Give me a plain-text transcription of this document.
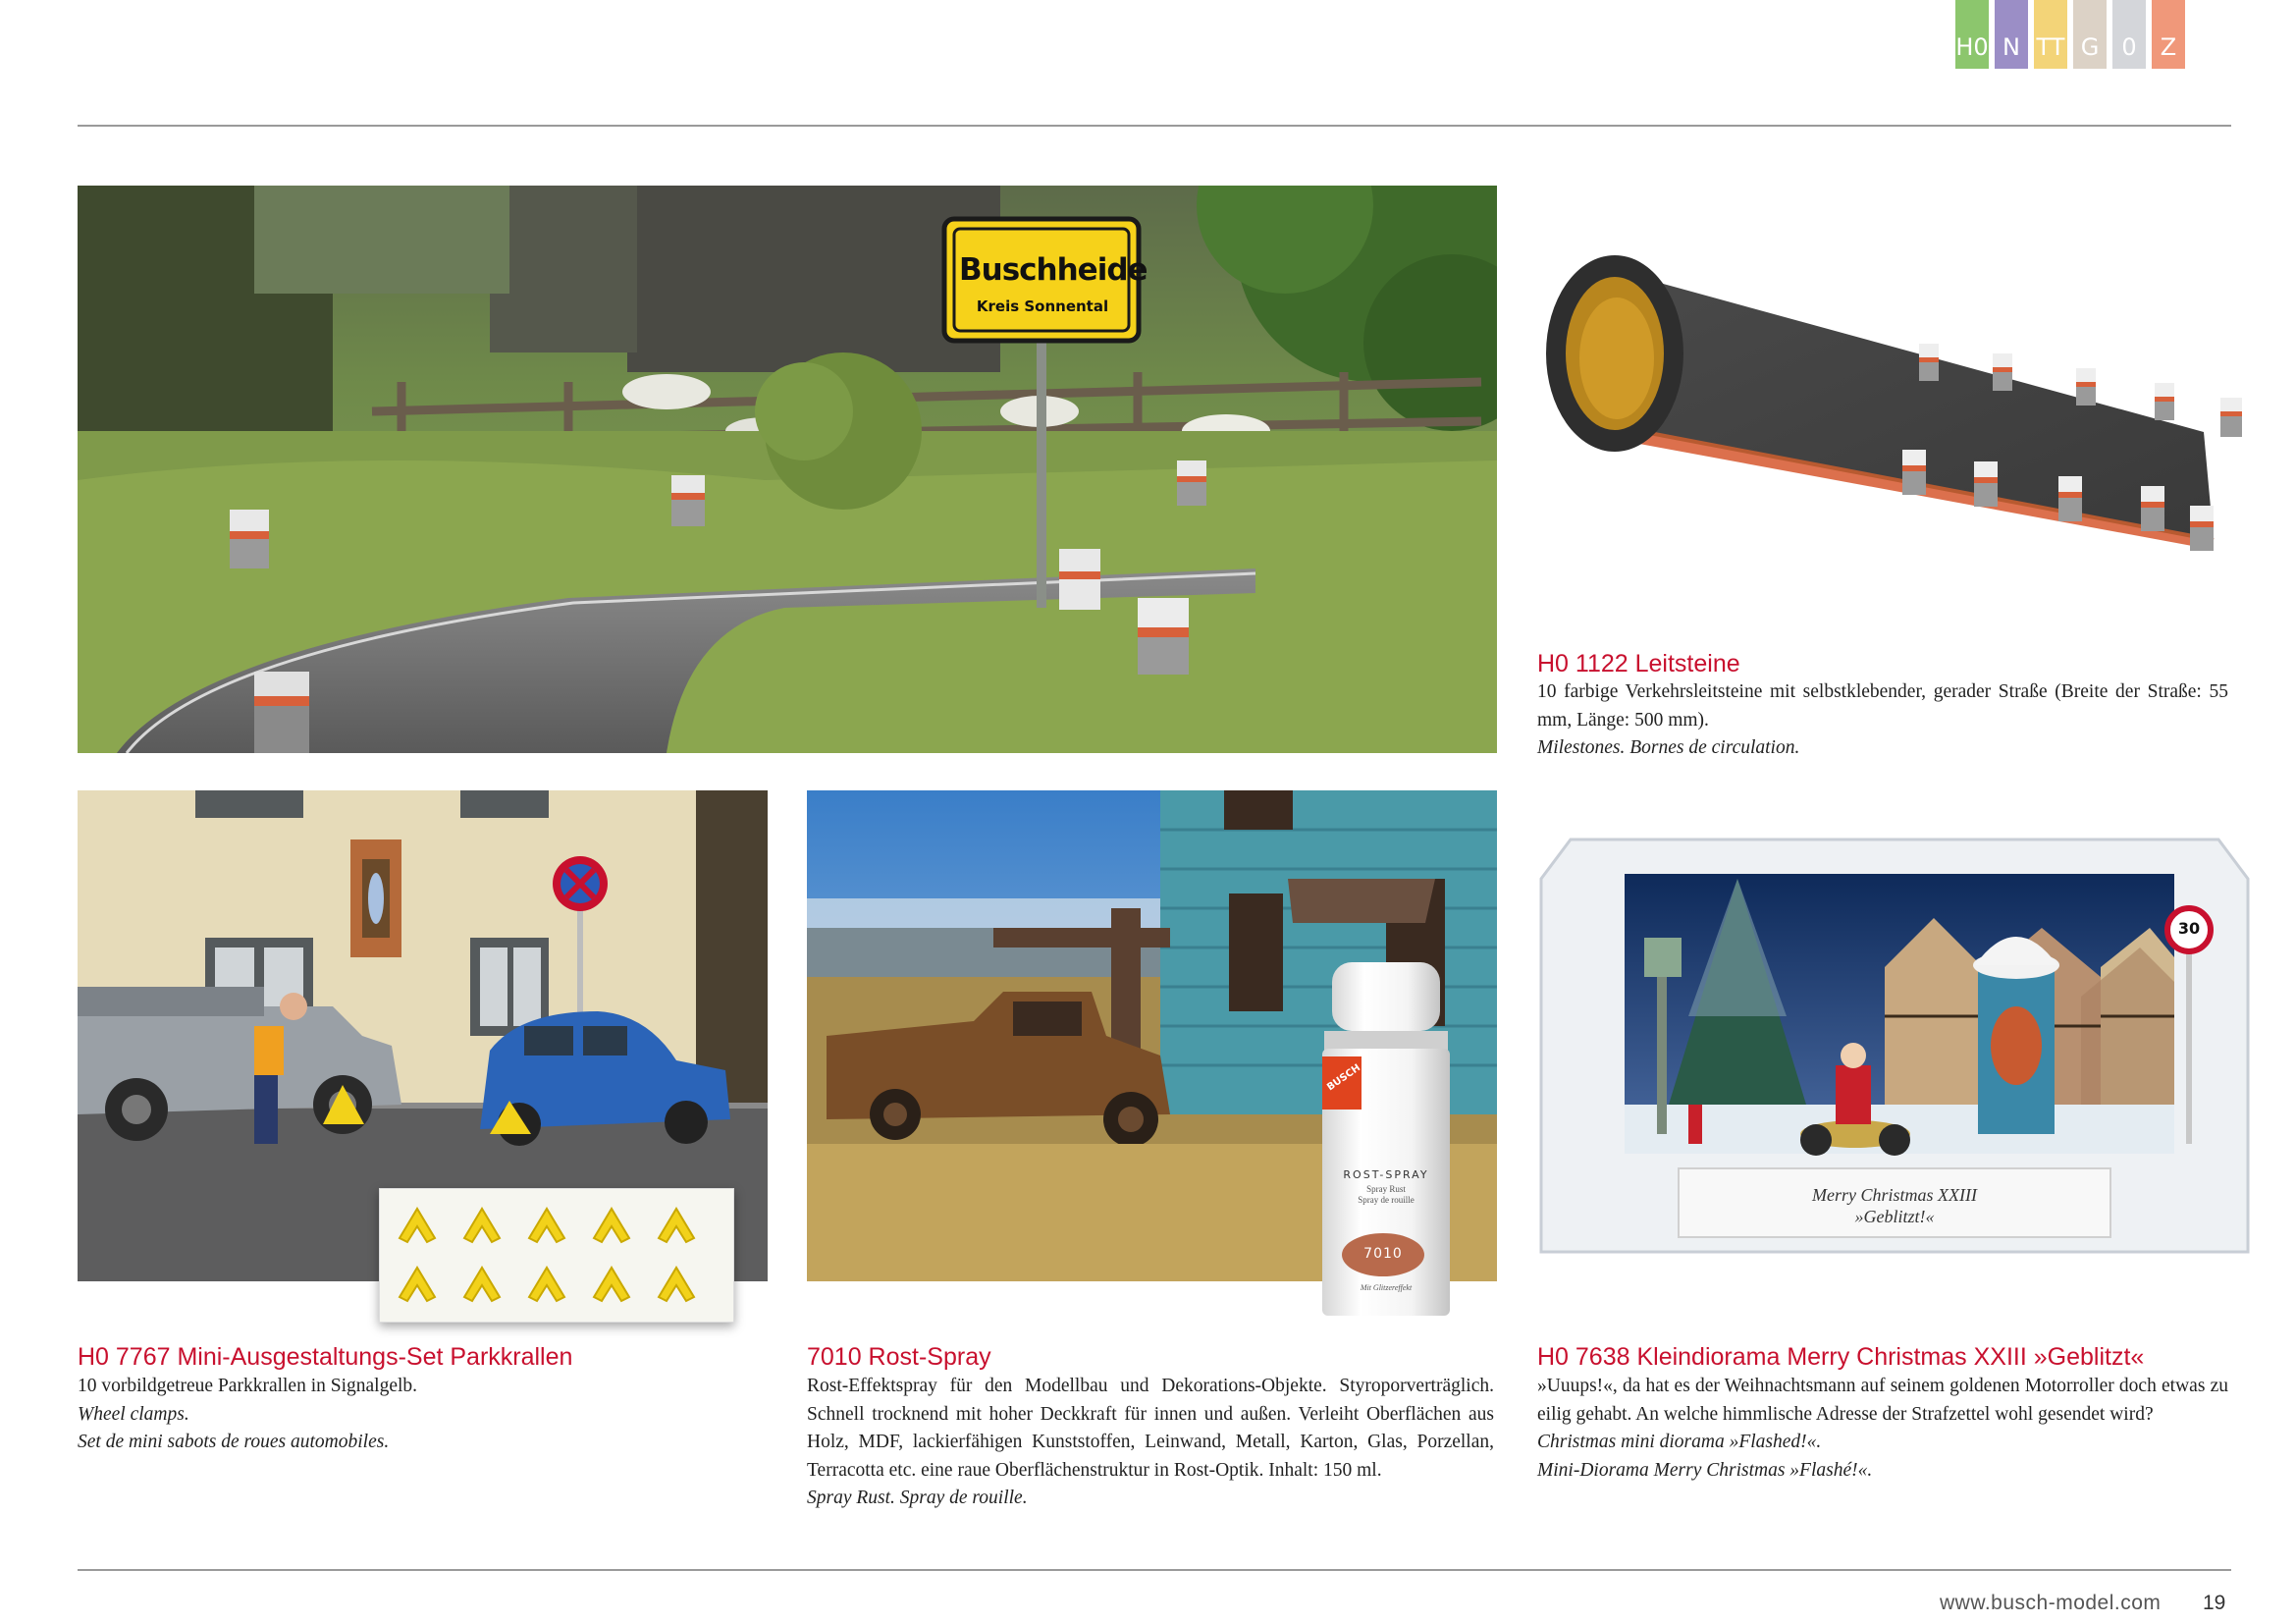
H0 N TT G 0	Z
Buschheide
Kreis Sonnental
H0 1122 Leitsteine

10 farbige Verkehrsleitsteine mit selbstklebender, gerader Straße (Breite der Straße: 55 mm, Länge: 500 mm).

Milestones. Bornes de circulation.

H0 7767 Mini-Ausgestaltungs-Set Parkkrallen

10 vorbildgetreue Parkkrallen in Signalgelb.

Wheel clamps.

Set de mini sabots de roues automobiles.

BUSCH
ROST-SPRAY
Spray Rust
Spray de rouille
7010
Mit Glitzereffekt
7010 Rost-Spray

Rost-Effektspray für den Modellbau und Dekorations-Objekte. Styroporverträglich. Schnell trocknend mit hoher Deckkraft für innen und außen. Verleiht Oberflächen aus Holz, MDF, lackierfähigen Kunststoffen, Leinwand, Metall, Karton, Glas, Porzellan, Terracotta etc. eine raue Oberflächenstruktur in Rost-Optik. Inhalt: 150 ml.

Spray Rust. Spray de rouille.

30
Merry Christmas XXIII
»Geblitzt!«
H0 7638 Kleindiorama Merry Christmas XXIII »Geblitzt«

»Uuups!«, da hat es der Weihnachtsmann auf seinem goldenen Motorroller doch etwas zu eilig gehabt. An welche himmlische Adresse der Strafzettel wohl gesendet wird?

Christmas mini diorama »Flashed!«.

Mini-Diorama Merry Christmas »Flashé!«.

www.busch-model.com 19
